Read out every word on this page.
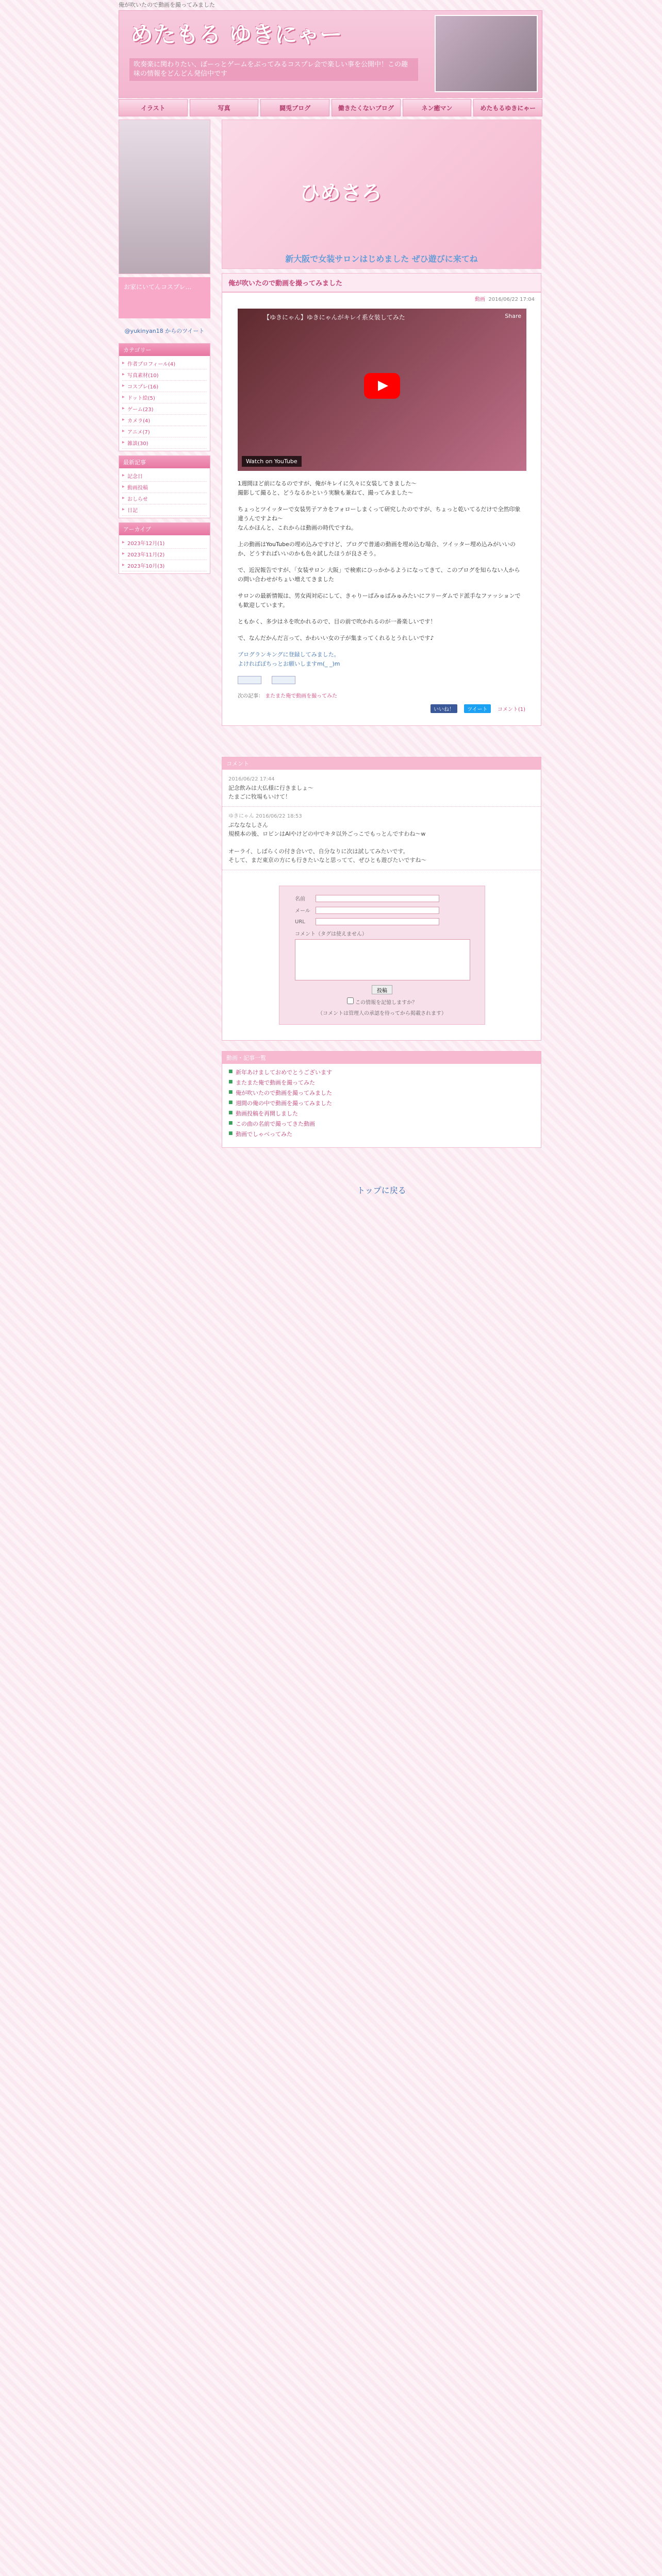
俺が吹いたので動画を撮ってみました
めたもる ゆきにゃー
吹奏楽に関わりたい、ぼーっとゲームをぶってみるコスプレ会で楽しい事を公開中！この趣味の情報をどんどん発信中です
イラスト	写真	闘兎ブログ	働きたくないブログ	ネン癒マン	めたもるゆきにゃー
お家にいてんコスプレ…
@yukinyan18 からのツイート
カテゴリー
▶ 作者プロフィール(4)
▶ 写真素材(10)
▶ コスプレ(16)
▶ ドット絵(5)
▶ ゲーム(23)
▶ カメラ(4)
▶ アニメ(7)
▶ 雑談(30)
最新記事
▶ 記念日
▶ 動画投稿
▶ おしらせ
▶ 日記
アーカイブ
▶ 2023年12月(1)
▶ 2023年11月(2)
▶ 2023年10月(3)
ひめさろ
新大阪で女装サロンはじめました ぜひ遊びに来てね
俺が吹いたので動画を撮ってみました
動画 2016/06/22 17:04
【ゆきにゃん】ゆきにゃんがキレイ系女装してみた	Share
Watch on YouTube

1週間ほど前になるのですが、俺がキレイに久々に女装してきました〜
撮影して撮ると、どうなるかという実験も兼ねて、撮ってみました〜

ちょっとツイッターで女装男子アカをフォローしまくって研究したのですが、ちょっと乾いてるだけで全然印象違うんですよね〜
なんかほんと、これからは動画の時代ですね。

上の動画はYouTubeの埋め込みですけど、ブログで普通の動画を埋め込む場合、ツイッター埋め込みがいいのか、どうすればいいのかも色々試したほうが良さそう。

で、近況報告ですが、「女装サロン 大阪」で検索にひっかかるようになってきて、このブログを知らない人からの問い合わせがちょい増えてきました

サロンの最新情報は、男女両対応にして、きゃりーぱみゅぱみゅみたいにフリーダムでド派手なファッションでも歓迎しています。

ともかく、多少はネを吹かれるので、目の前で吹かれるのが一番楽しいです！

で、なんだかんだ言って、かわいい女の子が集まってくれるとうれしいです♪

ブログランキングに登録してみました。
よければぽちっとお願いしますm(_ _)m

次の記事： またまた俺で動画を撮ってみた
いいね！	ツイート コメント(1)
コメント
2016/06/22 17:44
記念飲みは大仏様に行きましょ〜
たまごに牧場もいけて！
ゆきにゃん 2016/06/22 18:53
ぷなななしさん
規模本の後、ロビンはAIやけどの中でキタ以外ごっこでもっとんですわね〜w

オーライ、しばらくの付き合いで、自分なりに次は試してみたいです。
そして、まだ東京の方にも行きたいなと思ってて、ぜひとも遊びたいですね〜
名前
メール
URL
コメント（タグは使えません）
投稿
この情報を記憶しますか？
（コメントは管理人の承認を待ってから掲載されます）
動画・記事一覧
■ 新年あけましておめでとうございます
■ またまた俺で動画を撮ってみた
■ 俺が吹いたので動画を撮ってみました
■ 週間の俺の中で動画を撮ってみました
■ 動画投稿を再開しました
■ この曲の名前で撮ってきた動画
■ 動画でしゃべってみた
トップに戻る
